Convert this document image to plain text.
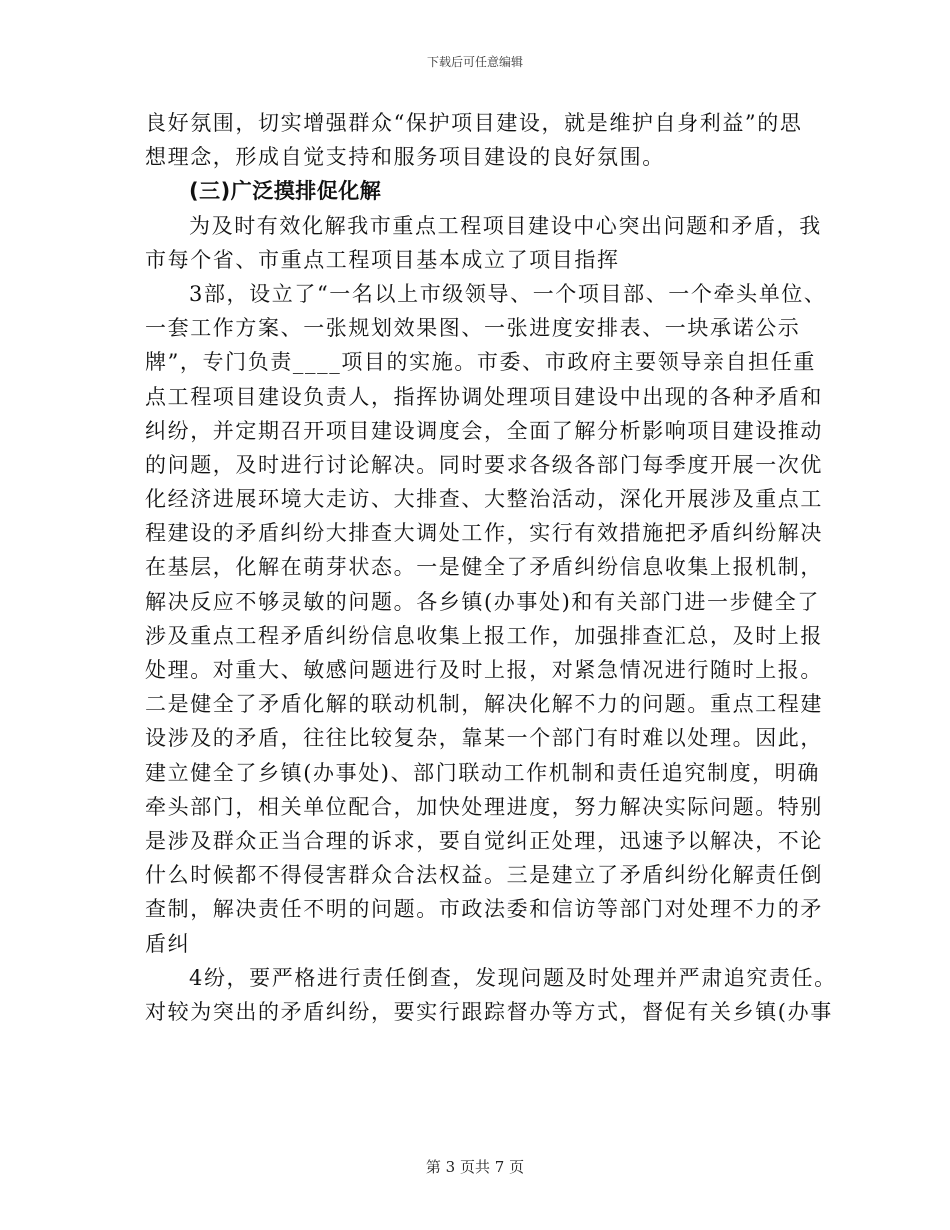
下载后可任意编辑
良好氛围，切实增强群众“保护项目建设，就是维护自身利益”的思
想理念，形成自觉支持和服务项目建设的良好氛围。
(三)广泛摸排促化解
为及时有效化解我市重点工程项目建设中心突出问题和矛盾，我
市每个省、市重点工程项目基本成立了项目指挥
3部，设立了“一名以上市级领导、一个项目部、一个牵头单位、
一套工作方案、一张规划效果图、一张进度安排表、一块承诺公示
牌”，专门负责____项目的实施。市委、市政府主要领导亲自担任重
点工程项目建设负责人，指挥协调处理项目建设中出现的各种矛盾和
纠纷，并定期召开项目建设调度会，全面了解分析影响项目建设推动
的问题，及时进行讨论解决。同时要求各级各部门每季度开展一次优
化经济进展环境大走访、大排查、大整治活动，深化开展涉及重点工
程建设的矛盾纠纷大排查大调处工作，实行有效措施把矛盾纠纷解决
在基层，化解在萌芽状态。一是健全了矛盾纠纷信息收集上报机制，
解决反应不够灵敏的问题。各乡镇(办事处)和有关部门进一步健全了
涉及重点工程矛盾纠纷信息收集上报工作，加强排查汇总，及时上报
处理。对重大、敏感问题进行及时上报，对紧急情况进行随时上报。
二是健全了矛盾化解的联动机制，解决化解不力的问题。重点工程建
设涉及的矛盾，往往比较复杂，靠某一个部门有时难以处理。因此，
建立健全了乡镇(办事处)、部门联动工作机制和责任追究制度，明确
牵头部门，相关单位配合，加快处理进度，努力解决实际问题。特别
是涉及群众正当合理的诉求，要自觉纠正处理，迅速予以解决，不论
什么时候都不得侵害群众合法权益。三是建立了矛盾纠纷化解责任倒
查制，解决责任不明的问题。市政法委和信访等部门对处理不力的矛
盾纠
4纷，要严格进行责任倒查，发现问题及时处理并严肃追究责任。
对较为突出的矛盾纠纷，要实行跟踪督办等方式，督促有关乡镇(办事
第 3 页共 7 页
